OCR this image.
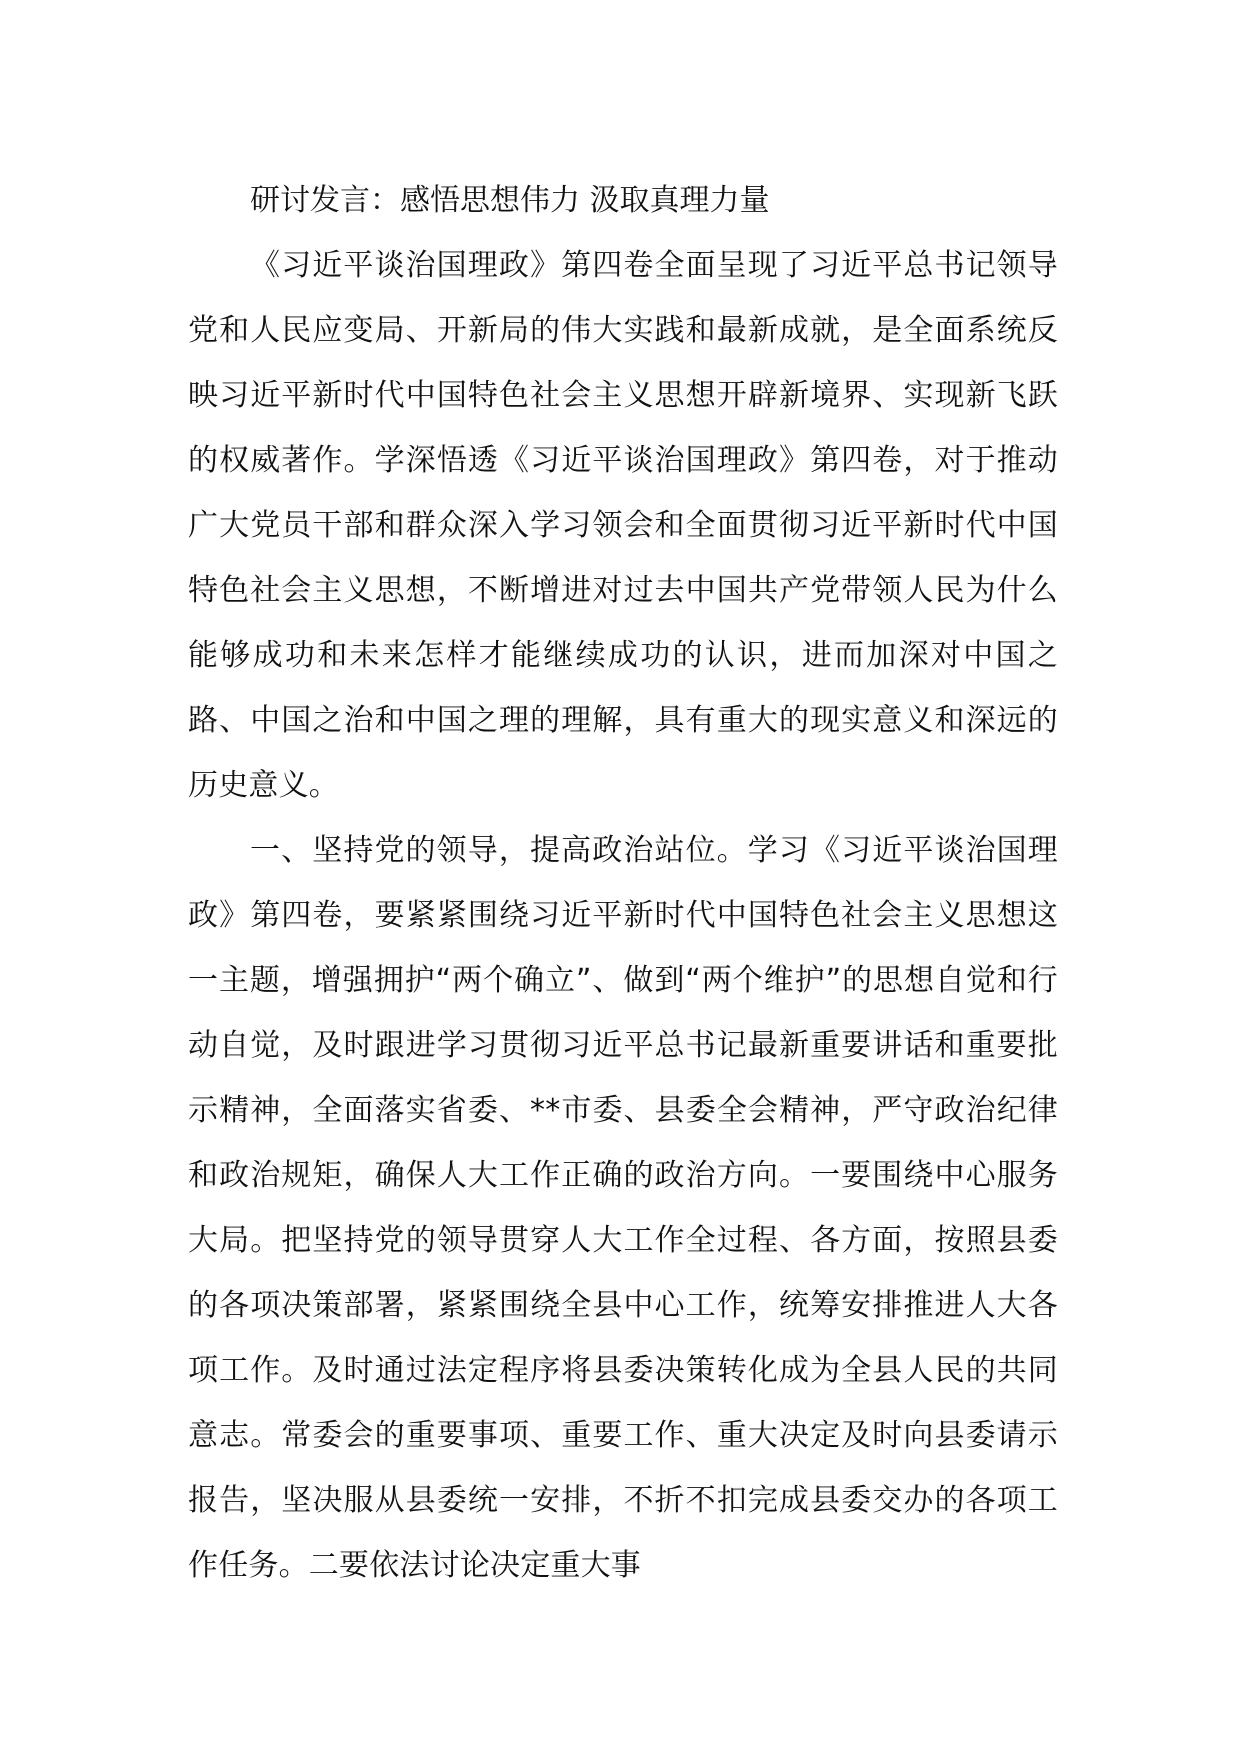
研讨发言：感悟思想伟力 汲取真理力量

《习近平谈治国理政》第四卷全面呈现了习近平总书记领导党和人民应变局、开新局的伟大实践和最新成就，是全面系统反映习近平新时代中国特色社会主义思想开辟新境界、实现新飞跃的权威著作。学深悟透《习近平谈治国理政》第四卷，对于推动广大党员干部和群众深入学习领会和全面贯彻习近平新时代中国特色社会主义思想，不断增进对过去中国共产党带领人民为什么能够成功和未来怎样才能继续成功的认识，进而加深对中国之路、中国之治和中国之理的理解，具有重大的现实意义和深远的历史意义。

一、坚持党的领导，提高政治站位。学习《习近平谈治国理政》第四卷，要紧紧围绕习近平新时代中国特色社会主义思想这一主题，增强拥护“两个确立”、做到“两个维护”的思想自觉和行动自觉，及时跟进学习贯彻习近平总书记最新重要讲话和重要批示精神，全面落实省委、**市委、县委全会精神，严守政治纪律和政治规矩，确保人大工作正确的政治方向。一要围绕中心服务大局。把坚持党的领导贯穿人大工作全过程、各方面，按照县委的各项决策部署，紧紧围绕全县中心工作，统筹安排推进人大各项工作。及时通过法定程序将县委决策转化成为全县人民的共同意志。常委会的重要事项、重要工作、重大决定及时向县委请示报告，坚决服从县委统一安排，不折不扣完成县委交办的各项工作任务。二要依法讨论决定重大事
